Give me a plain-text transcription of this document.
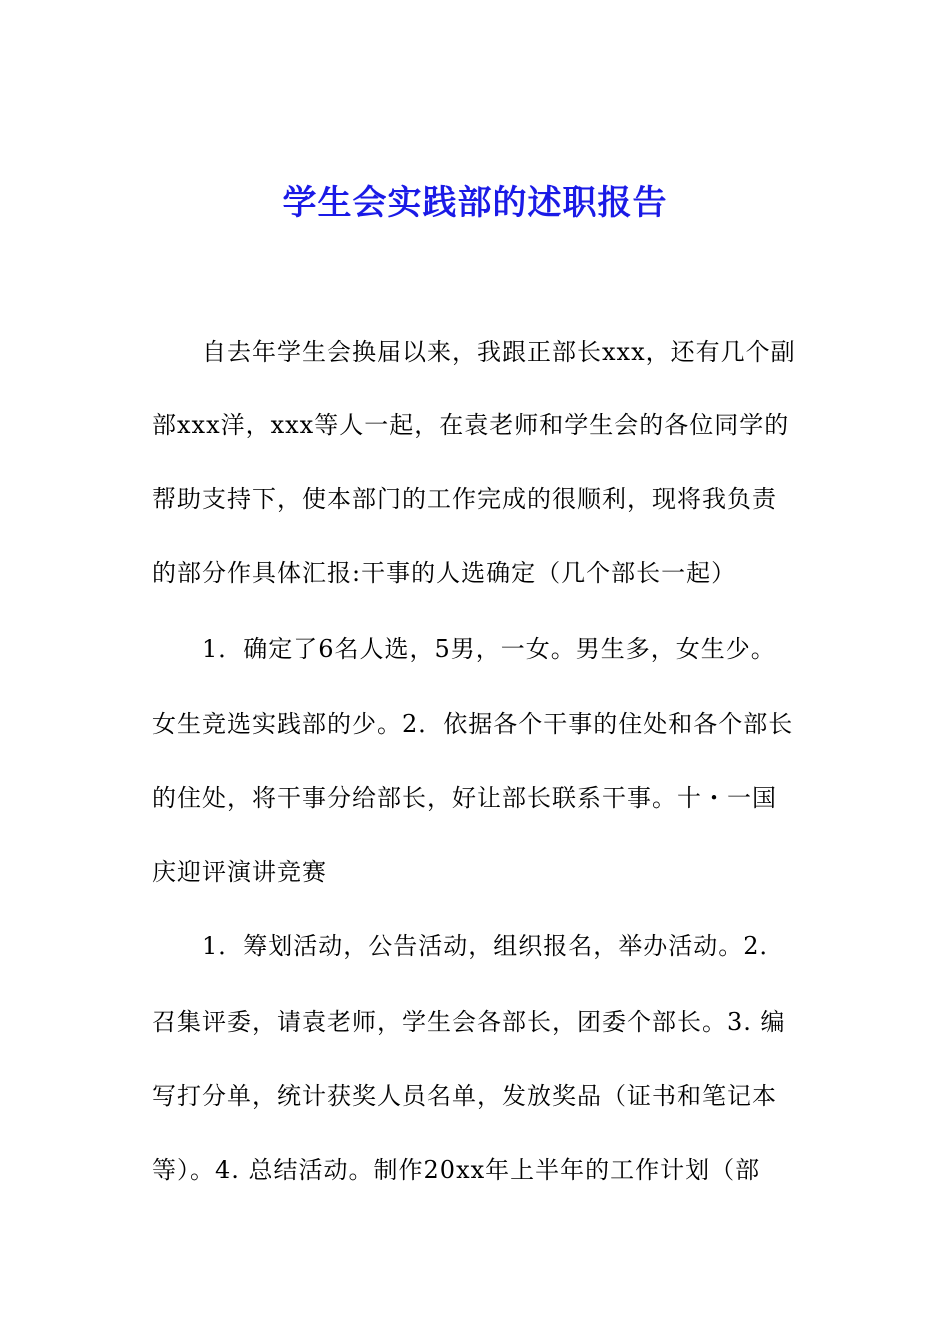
学生会实践部的述职报告
自去年学生会换届以来，我跟正部长xxx，还有几个副
部xxx洋，xxx等人一起，在袁老师和学生会的各位同学的
帮助支持下，使本部门的工作完成的很顺利，现将我负责
的部分作具体汇报:干事的人选确定（几个部长一起）
1．确定了6名人选，5男，一女。男生多，女生少。
女生竞选实践部的少。2．依据各个干事的住处和各个部长
的住处，将干事分给部长，好让部长联系干事。十・一国
庆迎评演讲竞赛
1．筹划活动，公告活动，组织报名，举办活动。2．
召集评委，请袁老师，学生会各部长，团委个部长。3. 编
写打分单，统计获奖人员名单，发放奖品（证书和笔记本
等）。4. 总结活动。制作20xx年上半年的工作计划（部
